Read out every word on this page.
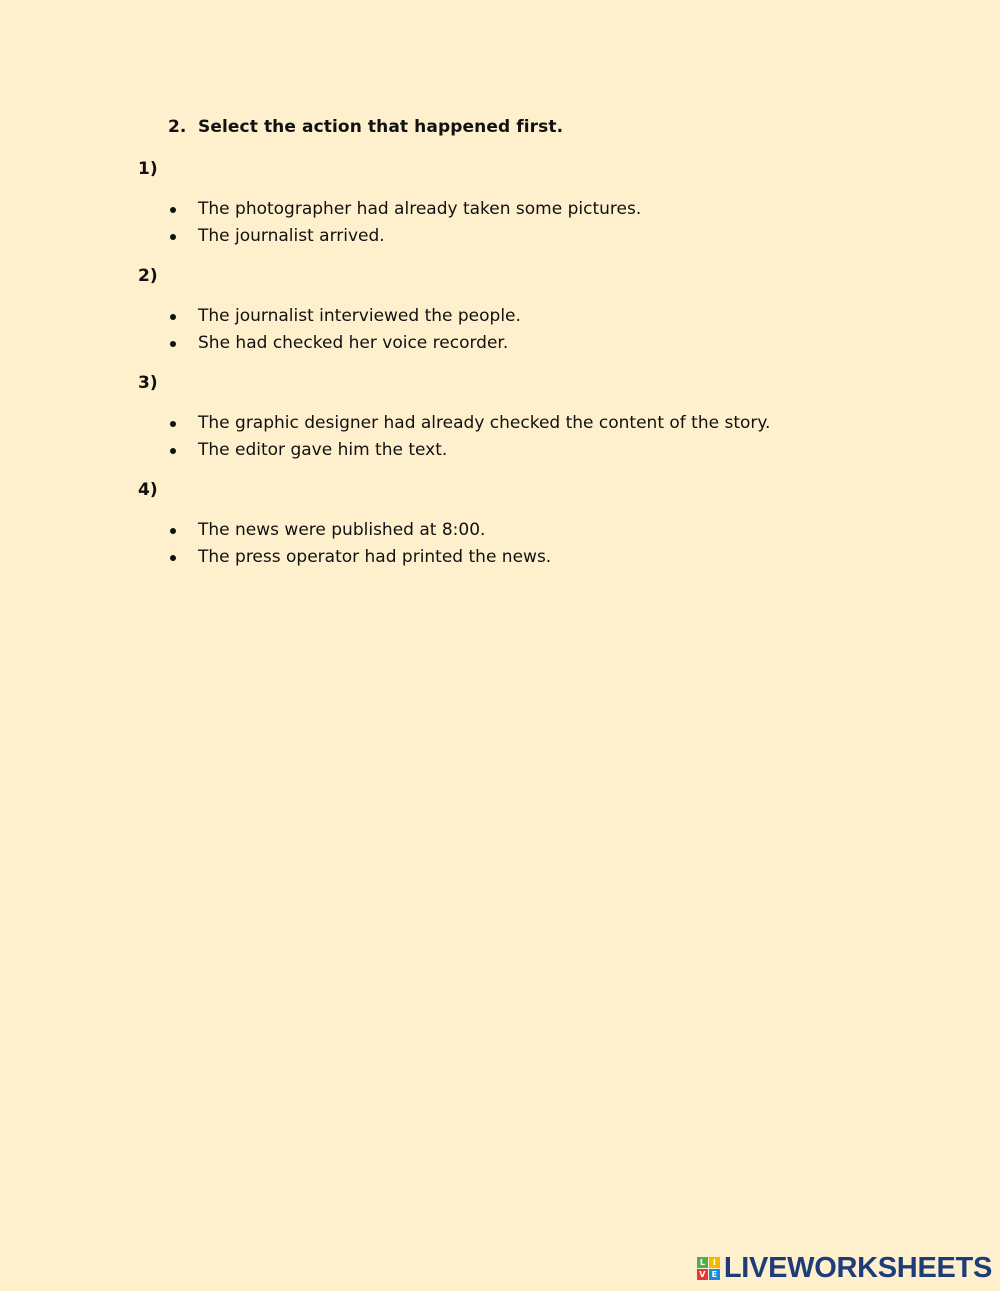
2. Select the action that happened first.
1)
The photographer had already taken some pictures.
The journalist arrived.
2)
The journalist interviewed the people.
She had checked her voice recorder.
3)
The graphic designer had already checked the content of the story.
The editor gave him the text.
4)
The news were published at 8:00.
The press operator had printed the news.
L I
V E LIVEWORKSHEETS
